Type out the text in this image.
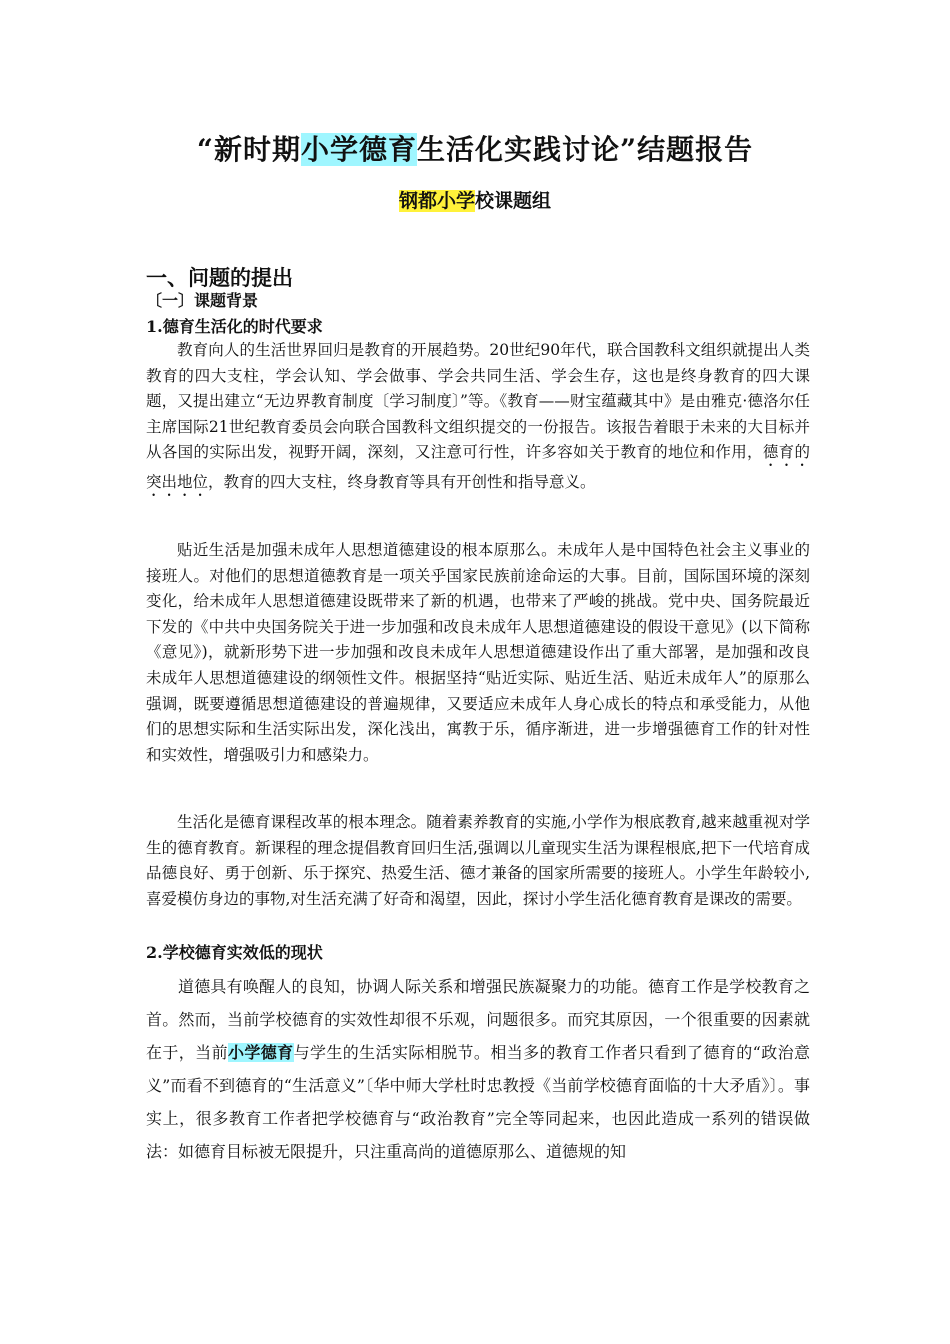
“新时期小学德育生活化实践讨论”结题报告
钢都小学校课题组
一、问题的提出
〔一〕课题背景
1.德育生活化的时代要求

教育向人的生活世界回归是教育的开展趋势。20世纪90年代，联合国教科文组织就提出人类教育的四大支柱，学会认知、学会做事、学会共同生活、学会生存，这也是终身教育的四大课题，又提出建立“无边界教育制度〔学习制度〕”等。《教育——财宝蕴藏其中》是由雅克·德洛尔任主席国际21世纪教育委员会向联合国教科文组织提交的一份报告。该报告着眼于未来的大目标并从各国的实际出发，视野开阔，深刻，又注意可行性，许多容如关于教育的地位和作用，德育的突出地位，教育的四大支柱，终身教育等具有开创性和指导意义。

贴近生活是加强未成年人思想道德建设的根本原那么。未成年人是中国特色社会主义事业的接班人。对他们的思想道德教育是一项关乎国家民族前途命运的大事。目前，国际国环境的深刻变化，给未成年人思想道德建设既带来了新的机遇，也带来了严峻的挑战。党中央、国务院最近下发的《中共中央国务院关于进一步加强和改良未成年人思想道德建设的假设干意见》(以下简称《意见》)，就新形势下进一步加强和改良未成年人思想道德建设作出了重大部署，是加强和改良未成年人思想道德建设的纲领性文件。根据坚持“贴近实际、贴近生活、贴近未成年人”的原那么强调，既要遵循思想道德建设的普遍规律，又要适应未成年人身心成长的特点和承受能力，从他们的思想实际和生活实际出发，深化浅出，寓教于乐，循序渐进，进一步增强德育工作的针对性和实效性，增强吸引力和感染力。

生活化是德育课程改革的根本理念。随着素养教育的实施,小学作为根底教育,越来越重视对学生的德育教育。新课程的理念提倡教育回归生活,强调以儿童现实生活为课程根底,把下一代培育成品德良好、勇于创新、乐于探究、热爱生活、德才兼备的国家所需要的接班人。小学生年龄较小,喜爱模仿身边的事物,对生活充满了好奇和渴望，因此，探讨小学生活化德育教育是课改的需要。

2.学校德育实效低的现状

道德具有唤醒人的良知，协调人际关系和增强民族凝聚力的功能。德育工作是学校教育之首。然而，当前学校德育的实效性却很不乐观，问题很多。而究其原因，一个很重要的因素就在于，当前小学德育与学生的生活实际相脱节。相当多的教育工作者只看到了德育的“政治意义”而看不到德育的“生活意义”〔华中师大学杜时忠教授《当前学校德育面临的十大矛盾》〕。事实上，很多教育工作者把学校德育与“政治教育”完全等同起来，也因此造成一系列的错误做法：如德育目标被无限提升，只注重高尚的道德原那么、道德规的知
